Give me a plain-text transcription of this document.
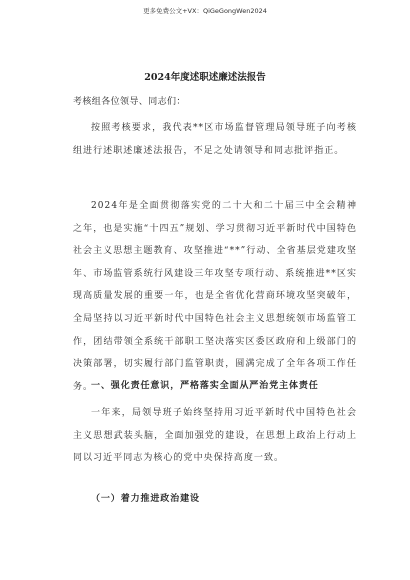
更多免费公文+VX：QiGeGongWen2024
2024年度述职述廉述法报告
考核组各位领导、同志们：

按照考核要求，我代表**区市场监督管理局领导班子向考核组进行述职述廉述法报告，不足之处请领导和同志批评指正。

2024年是全面贯彻落实党的二十大和二十届三中全会精神之年，也是实施“十四五”规划、学习贯彻习近平新时代中国特色社会主义思想主题教育、攻坚推进“**”行动、全省基层党建攻坚年、市场监管系统行风建设三年攻坚专项行动、系统推进**区实现高质量发展的重要一年，也是全省优化营商环境攻坚突破年，全局坚持以习近平新时代中国特色社会主义思想统领市场监管工作，团结带领全系统干部职工坚决落实区委区政府和上级部门的决策部署，切实履行部门监管职责，圆满完成了全年各项工作任务。

一、强化责任意识，严格落实全面从严治党主体责任

一年来，局领导班子始终坚持用习近平新时代中国特色社会主义思想武装头脑，全面加强党的建设，在思想上政治上行动上同以习近平同志为核心的党中央保持高度一致。

（一）着力推进政治建设
